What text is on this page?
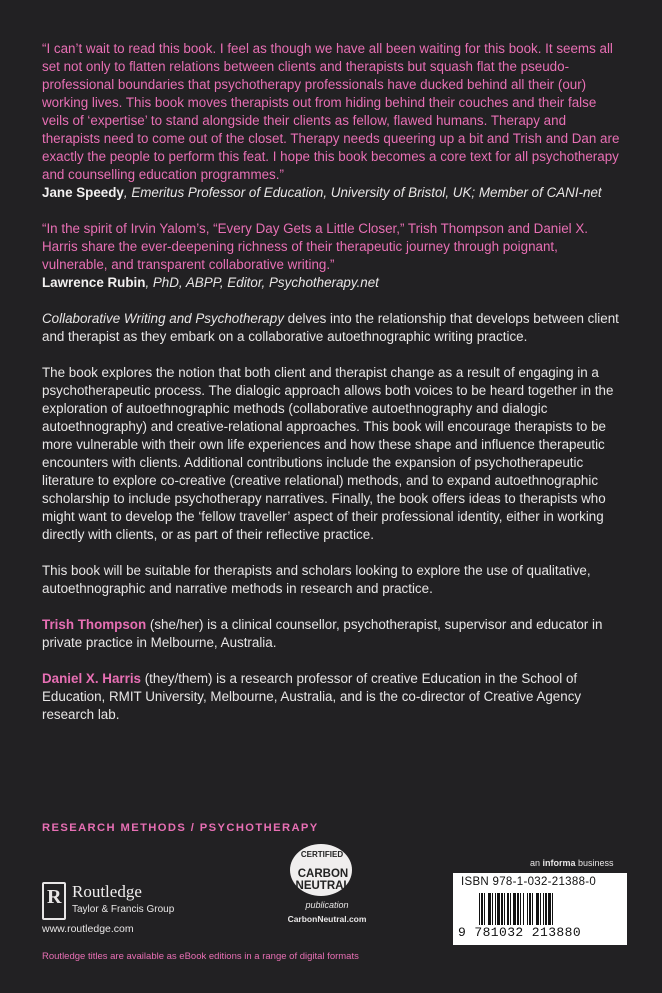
“I can’t wait to read this book. I feel as though we have all been waiting for this book. It seems all set not only to flatten relations between clients and therapists but squash flat the pseudo-professional boundaries that psychotherapy professionals have ducked behind all their (our) working lives. This book moves therapists out from hiding behind their couches and their false veils of ‘expertise’ to stand alongside their clients as fellow, flawed humans. Therapy and therapists need to come out of the closet. Therapy needs queering up a bit and Trish and Dan are exactly the people to perform this feat. I hope this book becomes a core text for all psychotherapy and counselling education programmes.”

Jane Speedy, Emeritus Professor of Education, University of Bristol, UK; Member of CANI-net

“In the spirit of Irvin Yalom’s, “Every Day Gets a Little Closer,” Trish Thompson and Daniel X. Harris share the ever-deepening richness of their therapeutic journey through poignant, vulnerable, and transparent collaborative writing.”

Lawrence Rubin, PhD, ABPP, Editor, Psychotherapy.net

Collaborative Writing and Psychotherapy delves into the relationship that develops between client and therapist as they embark on a collaborative autoethnographic writing practice.

The book explores the notion that both client and therapist change as a result of engaging in a psychotherapeutic process. The dialogic approach allows both voices to be heard together in the exploration of autoethnographic methods (collaborative autoethnography and dialogic autoethnography) and creative-relational approaches. This book will encourage therapists to be more vulnerable with their own life experiences and how these shape and influence therapeutic encounters with clients. Additional contributions include the expansion of psychotherapeutic literature to explore co-creative (creative relational) methods, and to expand autoethnographic scholarship to include psychotherapy narratives. Finally, the book offers ideas to therapists who might want to develop the ‘fellow traveller’ aspect of their professional identity, either in working directly with clients, or as part of their reflective practice.

This book will be suitable for therapists and scholars looking to explore the use of qualitative, autoethnographic and narrative methods in research and practice.

Trish Thompson (she/her) is a clinical counsellor, psychotherapist, supervisor and educator in private practice in Melbourne, Australia.

Daniel X. Harris (they/them) is a research professor of creative Education in the School of Education, RMIT University, Melbourne, Australia, and is the co-director of Creative Agency research lab.

RESEARCH METHODS / PSYCHOTHERAPY
R Routledge
Taylor & Francis Group
www.routledge.com
CERTIFIED
CARBON NEUTRAL
publication
CarbonNeutral.com
an informa business
ISBN 978-1-032-21388-0
9 781032 213880
Routledge titles are available as eBook editions in a range of digital formats
